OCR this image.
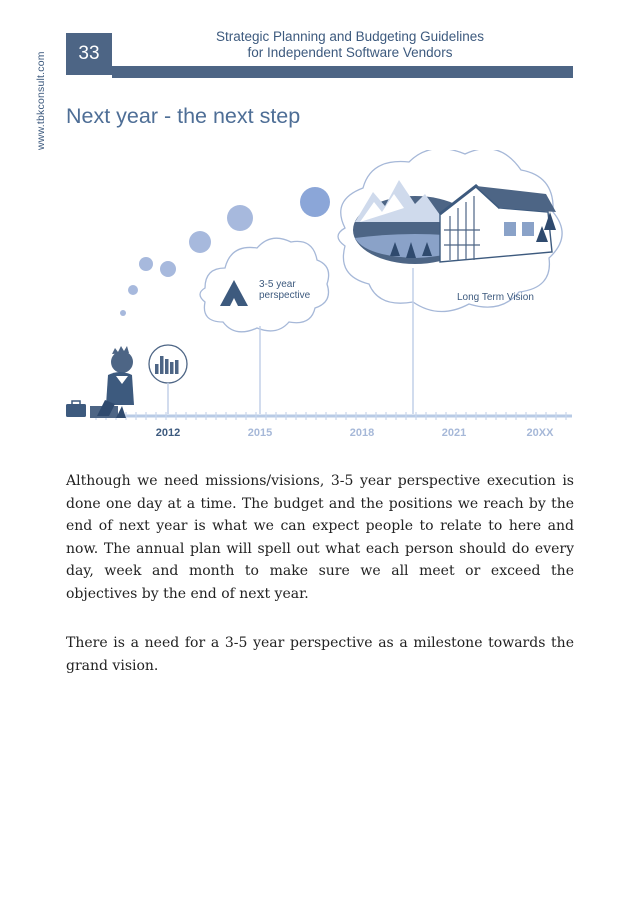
www.tbkconsult.com	33
Strategic Planning and Budgeting Guidelines
for Independent Software Vendors
Next year - the next step
2012	2015	2018	2021	20XX
3-5 year
perspective	Long Term Vision

Although we need missions/visions, 3-5 year perspective execution is done one day at a time. The budget and the positions we reach by the end of next year is what we can expect people to relate to here and now. The annual plan will spell out what each person should do every day, week and month to make sure we all meet or exceed the objectives by the end of next year.

There is a need for a 3-5 year perspective as a milestone towards the grand vision.
